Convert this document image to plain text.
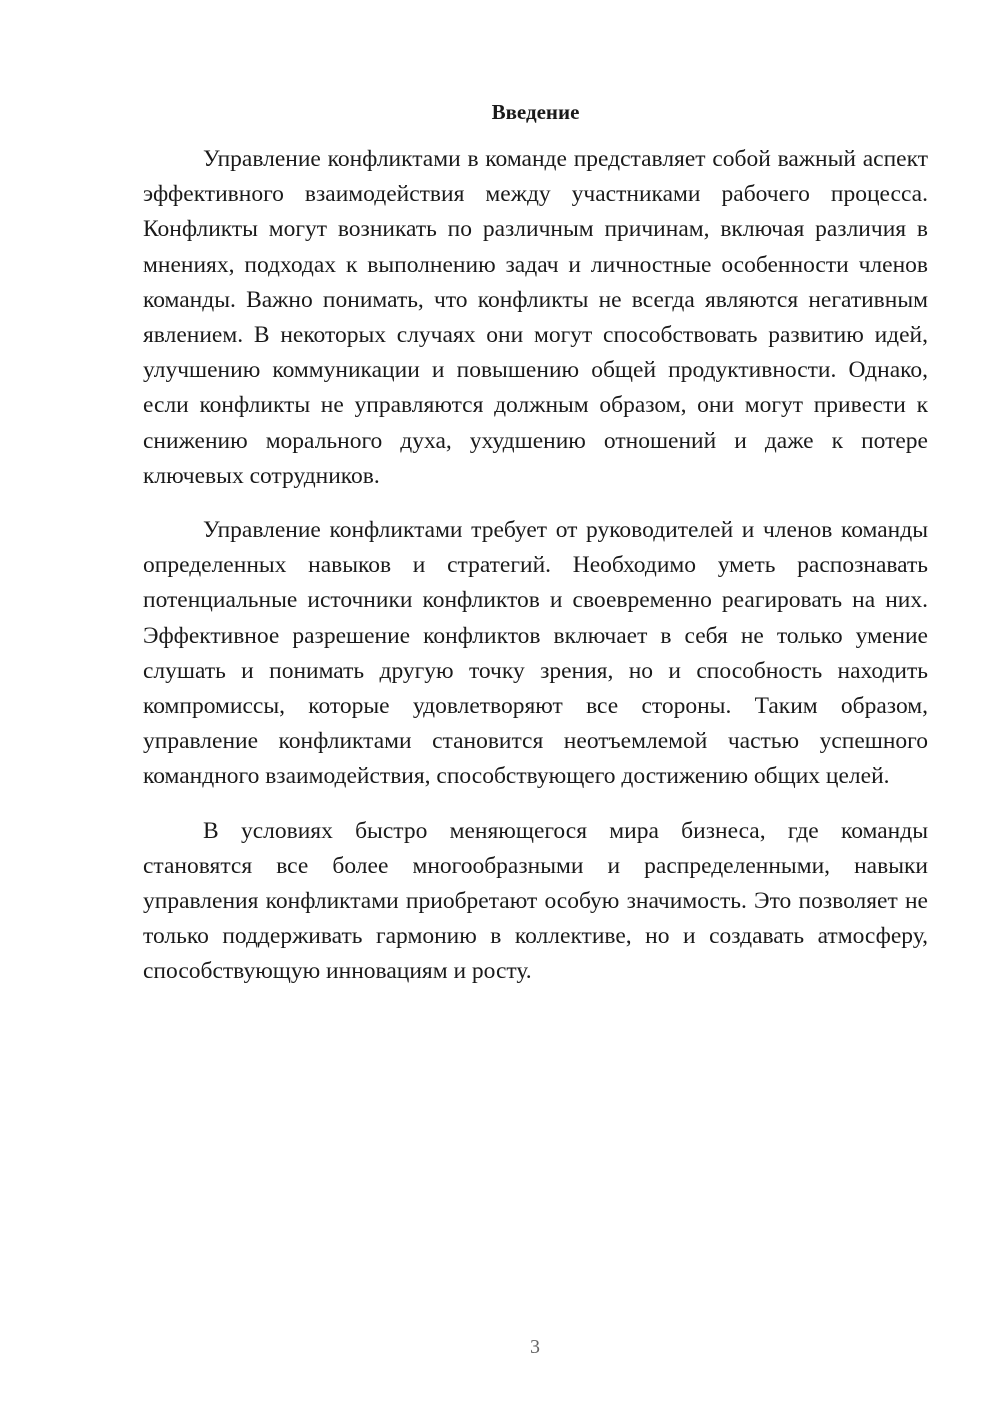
Введение

Управление конфликтами в команде представляет собой важный аспект эффективного взаимодействия между участниками рабочего процесса. Конфликты могут возникать по различным причинам, включая различия в мнениях, подходах к выполнению задач и личностные особенности членов команды. Важно понимать, что конфликты не всегда являются негативным явлением. В некоторых случаях они могут способствовать развитию идей, улучшению коммуникации и повышению общей продуктивности. Однако, если конфликты не управляются должным образом, они могут привести к снижению морального духа, ухудшению отношений и даже к потере ключевых сотрудников.

Управление конфликтами требует от руководителей и членов команды определенных навыков и стратегий. Необходимо уметь распознавать потенциальные источники конфликтов и своевременно реагировать на них. Эффективное разрешение конфликтов включает в себя не только умение слушать и понимать другую точку зрения, но и способность находить компромиссы, которые удовлетворяют все стороны. Таким образом, управление конфликтами становится неотъемлемой частью успешного командного взаимодействия, способствующего достижению общих целей.

В условиях быстро меняющегося мира бизнеса, где команды становятся все более многообразными и распределенными, навыки управления конфликтами приобретают особую значимость. Это позволяет не только поддерживать гармонию в коллективе, но и создавать атмосферу, способствующую инновациям и росту.

3
